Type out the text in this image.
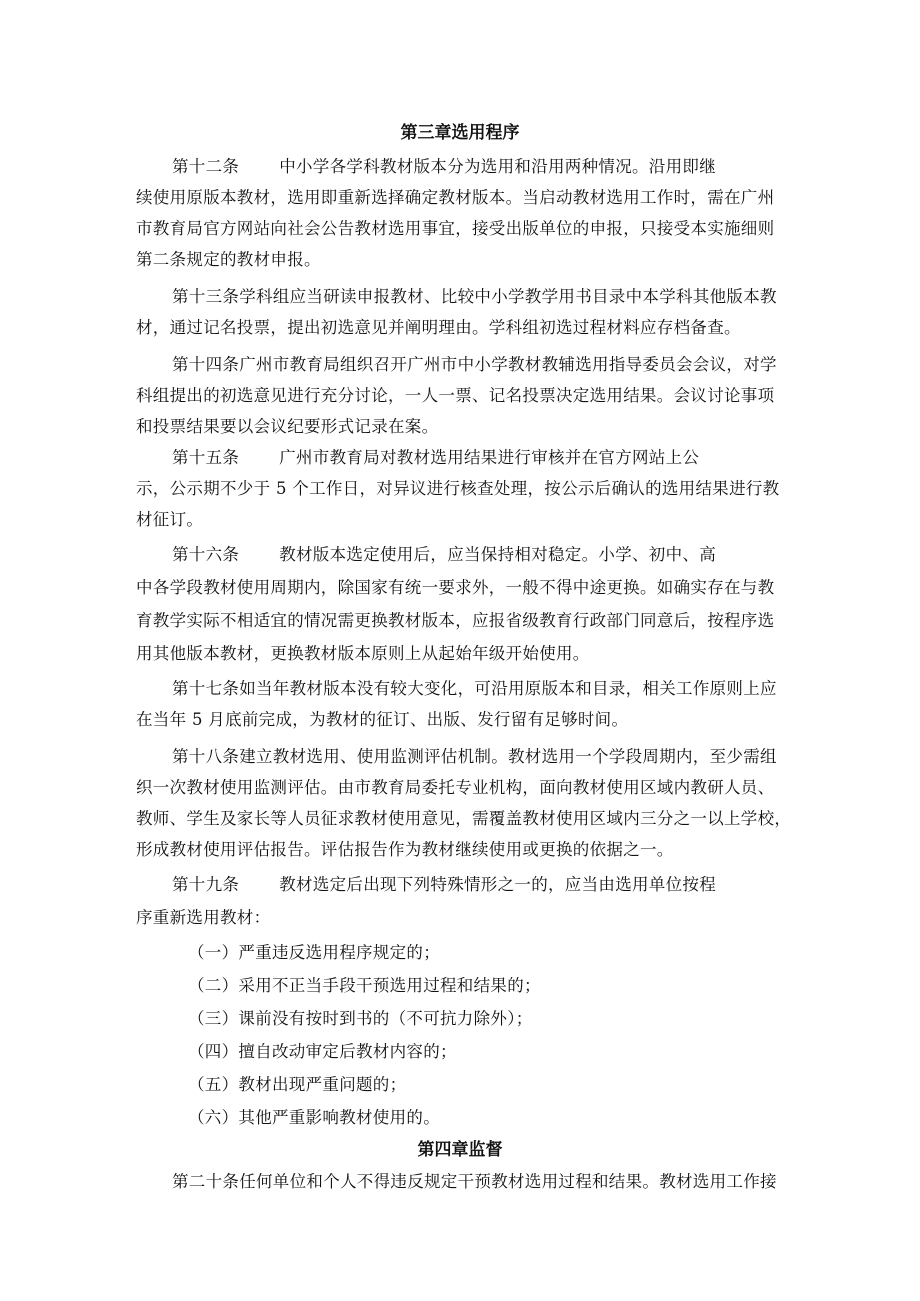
第三章选用程序
第十二条 中小学各学科教材版本分为选用和沿用两种情况。沿用即继
续使用原版本教材，选用即重新选择确定教材版本。当启动教材选用工作时，需在广州
市教育局官方网站向社会公告教材选用事宜，接受出版单位的申报，只接受本实施细则
第二条规定的教材申报。
第十三条学科组应当研读申报教材、比较中小学教学用书目录中本学科其他版本教
材，通过记名投票，提出初选意见并阐明理由。学科组初选过程材料应存档备查。
第十四条广州市教育局组织召开广州市中小学教材教辅选用指导委员会会议，对学
科组提出的初选意见进行充分讨论，一人一票、记名投票决定选用结果。会议讨论事项
和投票结果要以会议纪要形式记录在案。
第十五条 广州市教育局对教材选用结果进行审核并在官方网站上公
示，公示期不少于 5 个工作日，对异议进行核查处理，按公示后确认的选用结果进行教
材征订。
第十六条 教材版本选定使用后，应当保持相对稳定。小学、初中、高
中各学段教材使用周期内，除国家有统一要求外，一般不得中途更换。如确实存在与教
育教学实际不相适宜的情况需更换教材版本，应报省级教育行政部门同意后，按程序选
用其他版本教材，更换教材版本原则上从起始年级开始使用。
第十七条如当年教材版本没有较大变化，可沿用原版本和目录，相关工作原则上应
在当年 5 月底前完成，为教材的征订、出版、发行留有足够时间。
第十八条建立教材选用、使用监测评估机制。教材选用一个学段周期内，至少需组
织一次教材使用监测评估。由市教育局委托专业机构，面向教材使用区域内教研人员、
教师、学生及家长等人员征求教材使用意见，需覆盖教材使用区域内三分之一以上学校，
形成教材使用评估报告。评估报告作为教材继续使用或更换的依据之一。
第十九条 教材选定后出现下列特殊情形之一的，应当由选用单位按程
序重新选用教材：
（一）严重违反选用程序规定的；
（二）采用不正当手段干预选用过程和结果的；
（三）课前没有按时到书的（不可抗力除外）；
（四）擅自改动审定后教材内容的；
（五）教材出现严重问题的；
（六）其他严重影响教材使用的。
第四章监督
第二十条任何单位和个人不得违反规定干预教材选用过程和结果。教材选用工作接
